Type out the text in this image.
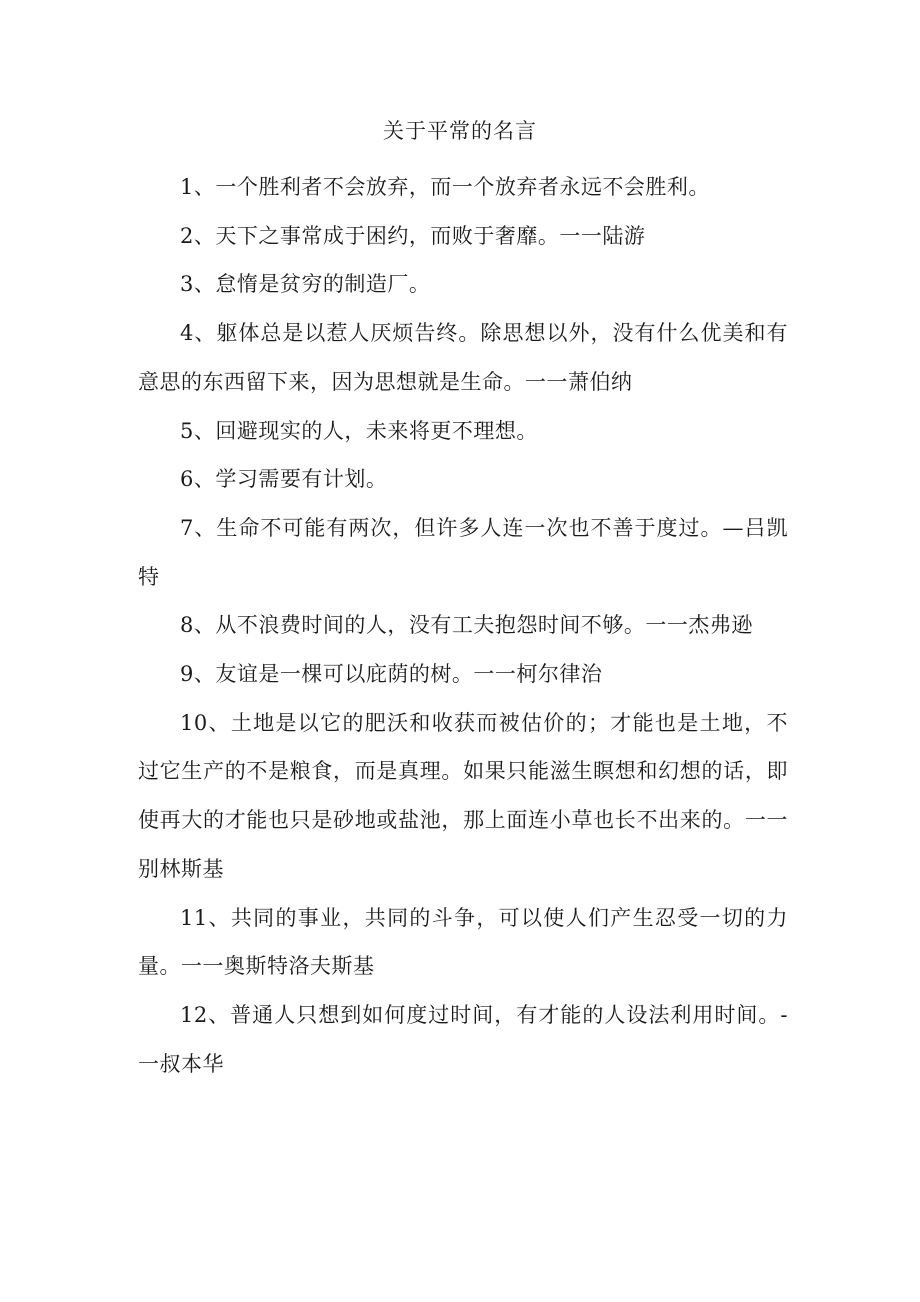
关于平常的名言

1、一个胜利者不会放弃，而一个放弃者永远不会胜利。

2、天下之事常成于困约，而败于奢靡。一一陆游

3、怠惰是贫穷的制造厂。

4、躯体总是以惹人厌烦告终。除思想以外，没有什么优美和有意思的东西留下来，因为思想就是生命。一一萧伯纳

5、回避现实的人，未来将更不理想。

6、学习需要有计划。

7、生命不可能有两次，但许多人连一次也不善于度过。—吕凯特

8、从不浪费时间的人，没有工夫抱怨时间不够。一一杰弗逊

9、友谊是一棵可以庇荫的树。一一柯尔律治

10、土地是以它的肥沃和收获而被估价的；才能也是土地，不过它生产的不是粮食，而是真理。如果只能滋生瞑想和幻想的话，即使再大的才能也只是砂地或盐池，那上面连小草也长不出来的。一一别林斯基

11、共同的事业，共同的斗争，可以使人们产生忍受一切的力量。一一奥斯特洛夫斯基

12、普通人只想到如何度过时间，有才能的人设法利用时间。-一叔本华
